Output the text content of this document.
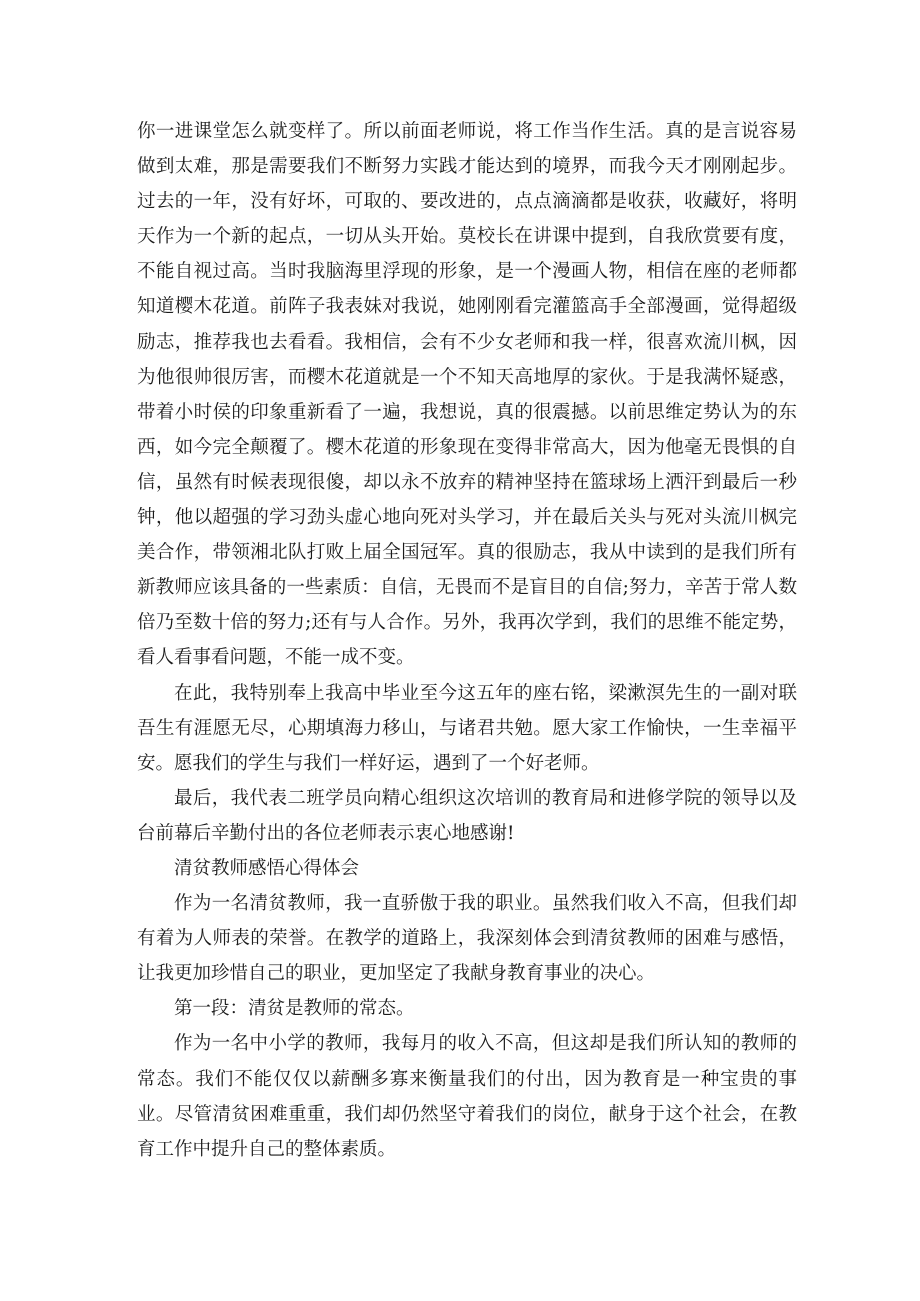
你一进课堂怎么就变样了。所以前面老师说，将工作当作生活。真的是言说容易做到太难，那是需要我们不断努力实践才能达到的境界，而我今天才刚刚起步。过去的一年，没有好坏，可取的、要改进的，点点滴滴都是收获，收藏好，将明天作为一个新的起点，一切从头开始。莫校长在讲课中提到，自我欣赏要有度，不能自视过高。当时我脑海里浮现的形象，是一个漫画人物，相信在座的老师都知道樱木花道。前阵子我表妹对我说，她刚刚看完灌篮高手全部漫画，觉得超级励志，推荐我也去看看。我相信，会有不少女老师和我一样，很喜欢流川枫，因为他很帅很厉害，而樱木花道就是一个不知天高地厚的家伙。于是我满怀疑惑，带着小时侯的印象重新看了一遍，我想说，真的很震撼。以前思维定势认为的东西，如今完全颠覆了。樱木花道的形象现在变得非常高大，因为他毫无畏惧的自信，虽然有时候表现很傻，却以永不放弃的精神坚持在篮球场上洒汗到最后一秒钟，他以超强的学习劲头虚心地向死对头学习，并在最后关头与死对头流川枫完美合作，带领湘北队打败上届全国冠军。真的很励志，我从中读到的是我们所有新教师应该具备的一些素质：自信，无畏而不是盲目的自信;努力，辛苦于常人数倍乃至数十倍的努力;还有与人合作。另外，我再次学到，我们的思维不能定势，看人看事看问题，不能一成不变。

在此，我特别奉上我高中毕业至今这五年的座右铭，梁漱溟先生的一副对联吾生有涯愿无尽，心期填海力移山，与诸君共勉。愿大家工作愉快，一生幸福平安。愿我们的学生与我们一样好运，遇到了一个好老师。

最后，我代表二班学员向精心组织这次培训的教育局和进修学院的领导以及台前幕后辛勤付出的各位老师表示衷心地感谢!

清贫教师感悟心得体会

作为一名清贫教师，我一直骄傲于我的职业。虽然我们收入不高，但我们却有着为人师表的荣誉。在教学的道路上，我深刻体会到清贫教师的困难与感悟，让我更加珍惜自己的职业，更加坚定了我献身教育事业的决心。

第一段：清贫是教师的常态。

作为一名中小学的教师，我每月的收入不高，但这却是我们所认知的教师的常态。我们不能仅仅以薪酬多寡来衡量我们的付出，因为教育是一种宝贵的事业。尽管清贫困难重重，我们却仍然坚守着我们的岗位，献身于这个社会，在教育工作中提升自己的整体素质。
